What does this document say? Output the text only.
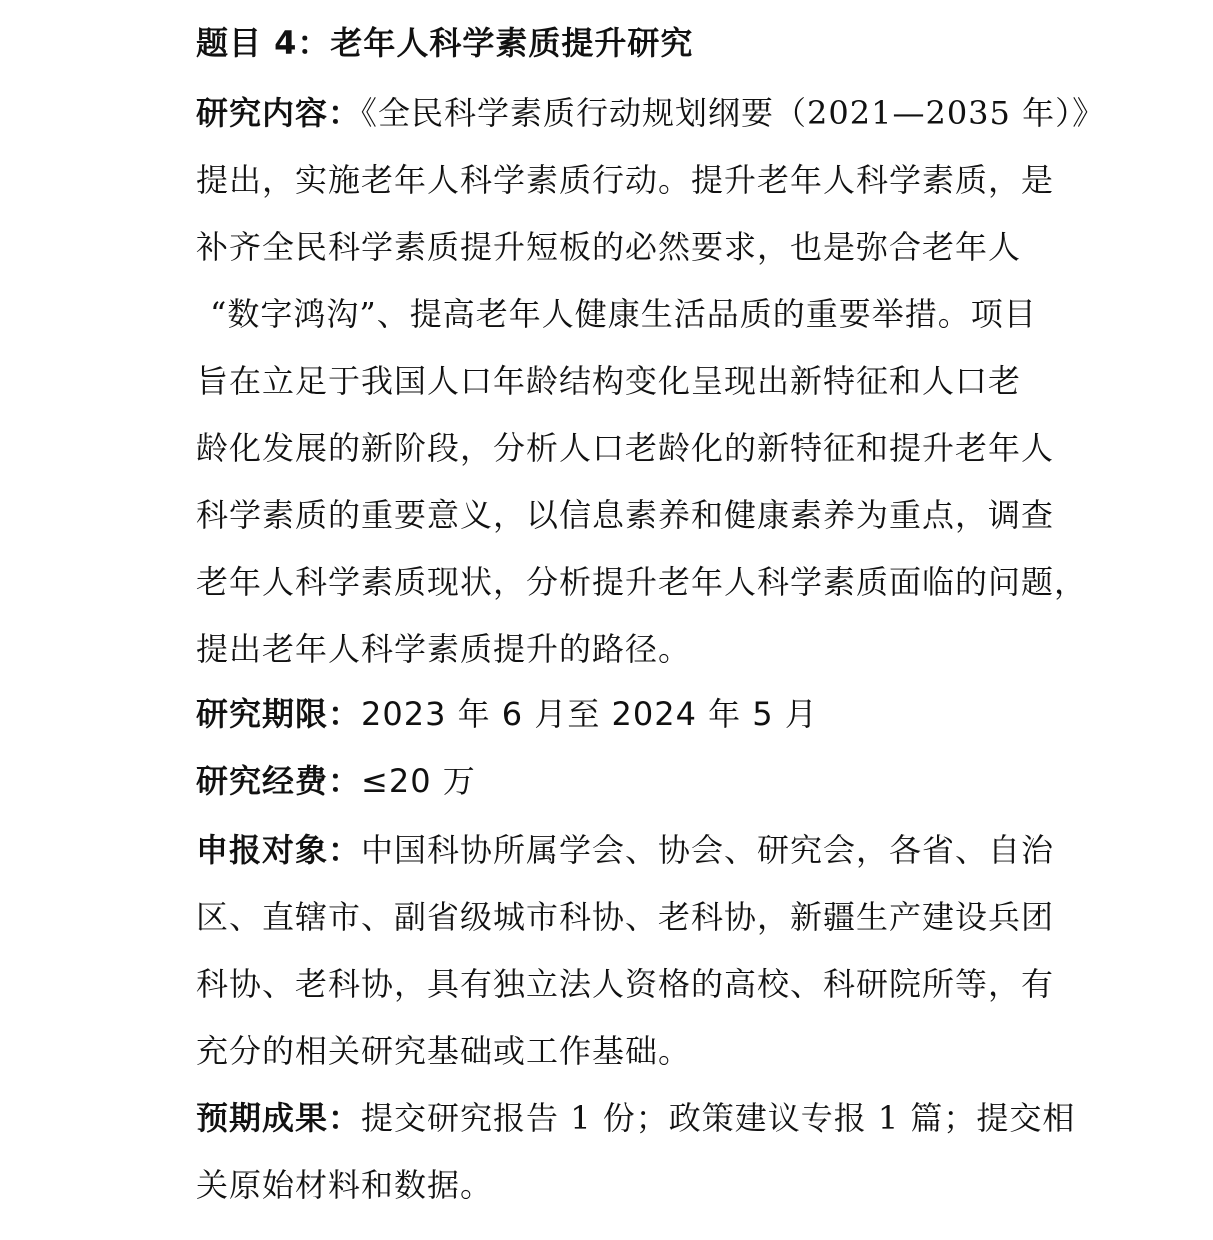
题目 4：老年人科学素质提升研究
研究内容：《全民科学素质行动规划纲要（2021—2035 年）》
提出，实施老年人科学素质行动。提升老年人科学素质，是
补齐全民科学素质提升短板的必然要求，也是弥合老年人
“数字鸿沟”、提高老年人健康生活品质的重要举措。项目
旨在立足于我国人口年龄结构变化呈现出新特征和人口老
龄化发展的新阶段，分析人口老龄化的新特征和提升老年人
科学素质的重要意义，以信息素养和健康素养为重点，调查
老年人科学素质现状，分析提升老年人科学素质面临的问题，
提出老年人科学素质提升的路径。
研究期限：2023 年 6 月至 2024 年 5 月
研究经费：≤20 万
申报对象：中国科协所属学会、协会、研究会，各省、自治
区、直辖市、副省级城市科协、老科协，新疆生产建设兵团
科协、老科协，具有独立法人资格的高校、科研院所等，有
充分的相关研究基础或工作基础。
预期成果：提交研究报告 1 份；政策建议专报 1 篇；提交相
关原始材料和数据。
